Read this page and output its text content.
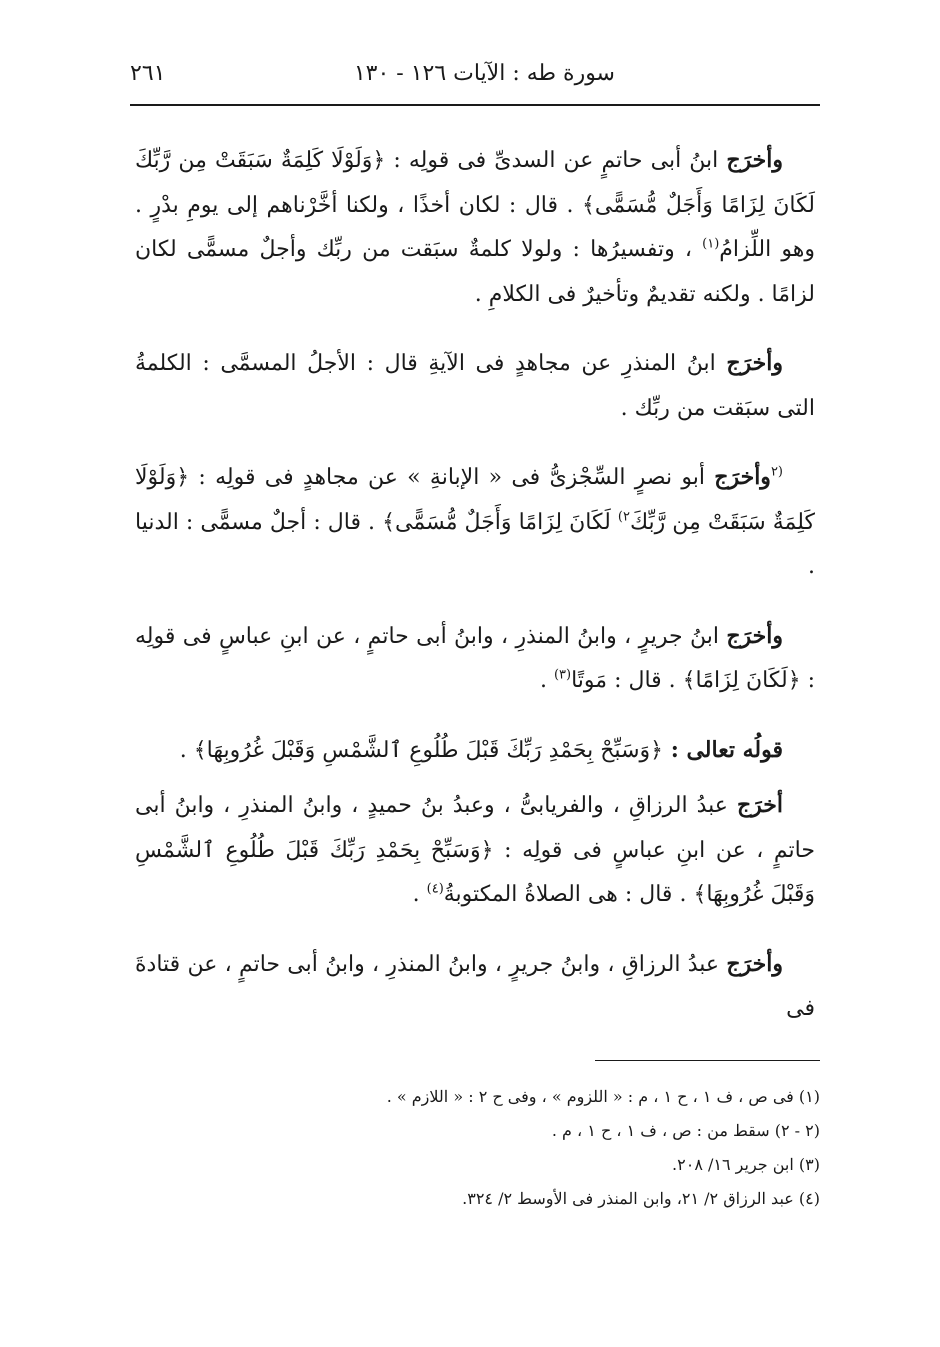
سورة طه : الآيات ١٢٦ - ١٣٠
٢٦١

وأخرَج ابنُ أبى حاتمٍ عن السدىِّ فى قولِه : ﴿وَلَوْلَا كَلِمَةٌ سَبَقَتْ مِن رَّبِّكَ لَكَانَ لِزَامًا وَأَجَلٌ مُّسَمًّى﴾ . قال : لكان أخذًا ، ولكنا أخَّرْناهم إلى يومِ بدْرٍ . وهو اللِّزامُ$^{(١)}$ ، وتفسيرُها : ولولا كلمةٌ سبَقت من ربِّك وأجلٌ مسمًّى لكان لزامًا . ولكنه تقديمٌ وتأخيرٌ فى الكلامِ .

وأخرَج ابنُ المنذرِ عن مجاهدٍ فى الآيةِ قال : الأجلُ المسمَّى : الكلمةُ التى سبَقت من ربِّك .

$^{(٢}$وأخرَج أبو نصرٍ السِّجْزىُّ فى « الإبانةِ » عن مجاهدٍ فى قولِه : ﴿وَلَوْلَا كَلِمَةٌ سَبَقَتْ مِن رَّبِّكَ$^{٢)}$ لَكَانَ لِزَامًا وَأَجَلٌ مُّسَمًّى﴾ . قال : أجلٌ مسمًّى : الدنيا .

وأخرَج ابنُ جريرٍ ، وابنُ المنذرِ ، وابنُ أبى حاتمٍ ، عن ابنِ عباسٍ فى قولِه : ﴿لَكَانَ لِزَامًا﴾ . قال : مَوتًا$^{(٣)}$ .

قولُه تعالى : ﴿وَسَبِّحْ بِحَمْدِ رَبِّكَ قَبْلَ طُلُوعِ ٱلشَّمْسِ وَقَبْلَ غُرُوبِهَا﴾ .

أخرَج عبدُ الرزاقِ ، والفريابىُّ ، وعبدُ بنُ حميدٍ ، وابنُ المنذرِ ، وابنُ أبى حاتمٍ ، عن ابنِ عباسٍ فى قولِه : ﴿وَسَبِّحْ بِحَمْدِ رَبِّكَ قَبْلَ طُلُوعِ ٱلشَّمْسِ وَقَبْلَ غُرُوبِهَا﴾ . قال : هى الصلاةُ المكتوبةُ$^{(٤)}$ .

وأخرَج عبدُ الرزاقِ ، وابنُ جريرٍ ، وابنُ المنذرِ ، وابنُ أبى حاتمٍ ، عن قتادةَ فى

(١) فى ص ، ف ١ ، ح ١ ، م : « اللزوم » ، وفى ح ٢ : « اللازم » .

(٢ - ٢) سقط من : ص ، ف ١ ، ح ١ ، م .

(٣) ابن جرير ١٦/ ٢٠٨.

(٤) عبد الرزاق ٢/ ٢١، وابن المنذر فى الأوسط ٢/ ٣٢٤.
